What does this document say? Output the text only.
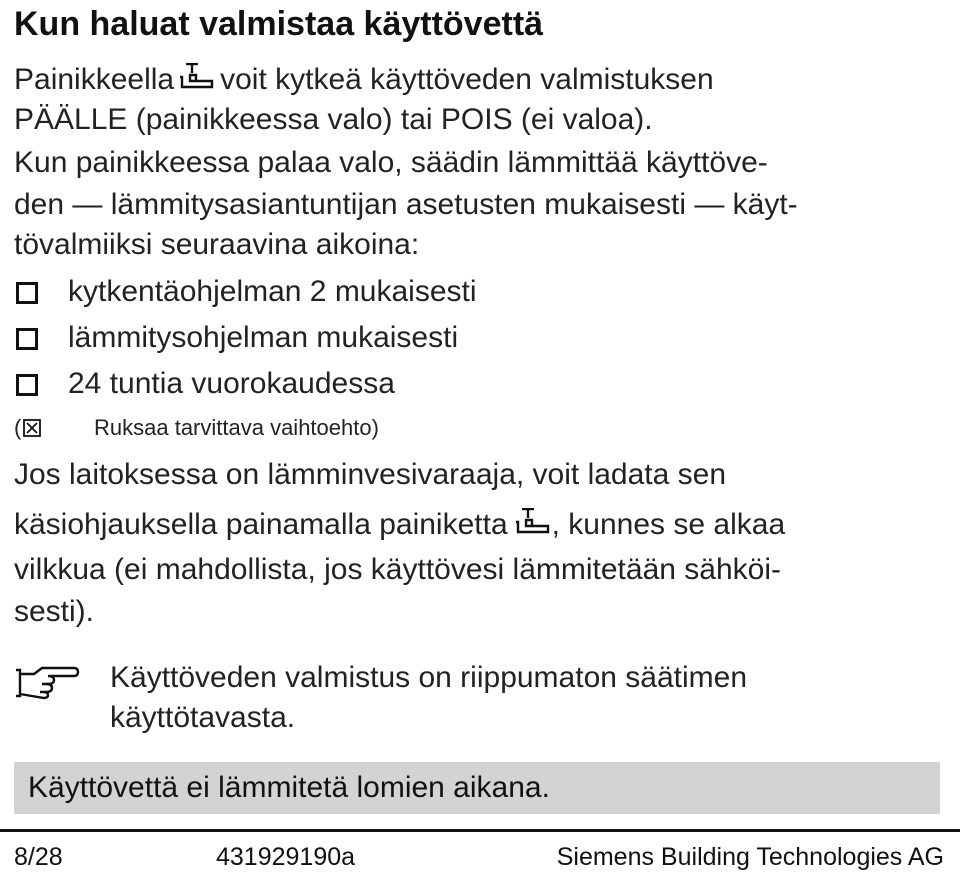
Kun haluat valmistaa käyttövettä
Painikkeella voit kytkeä käyttöveden valmistuksen
PÄÄLLE (painikkeessa valo) tai POIS (ei valoa).
Kun painikkeessa palaa valo, säädin lämmittää käyttöve-
den — lämmitysasiantuntijan asetusten mukaisesti — käyt-
tövalmiiksi seuraavina aikoina:
kytkentäohjelman 2 mukaisesti
lämmitysohjelman mukaisesti
24 tuntia vuorokaudessa
(	Ruksaa tarvittava vaihtoehto)
Jos laitoksessa on lämminvesivaraaja, voit ladata sen
käsiohjauksella painamalla painiketta , kunnes se alkaa
vilkkua (ei mahdollista, jos käyttövesi lämmitetään sähköi-
sesti).
Käyttöveden valmistus on riippumaton säätimen
käyttötavasta.
Käyttövettä ei lämmitetä lomien aikana.
8/28	431929190a	Siemens Building Technologies AG
